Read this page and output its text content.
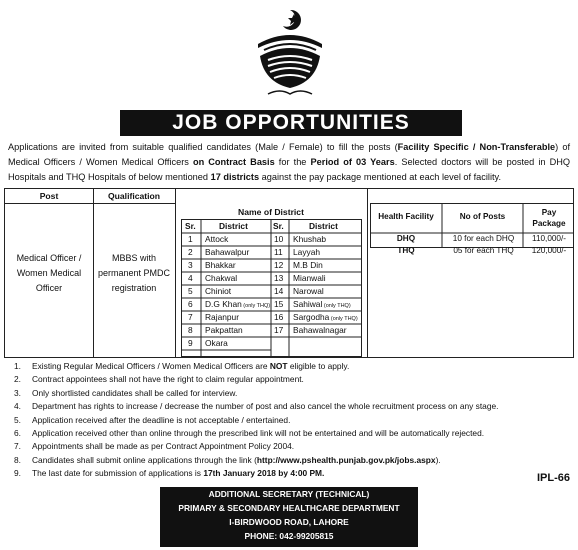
JOB OPPORTUNITIES
Applications are invited from suitable qualified candidates (Male / Female) to fill the posts (Facility Specific / Non-Transferable) of Medical Officers / Women Medical Officers on Contract Basis for the Period of 03 Years. Selected doctors will be posted in DHQ Hospitals and THQ Hospitals of below mentioned 17 districts against the pay package mentioned at each level of facility.
Post	Qualification
Name of District
Medical Officer / Women Medical Officer
MBBS with permanent PMDC registration
Sr.	District	Sr.	District
1 Attock	10 Khushab
2 Bahawalpur	11 Layyah
3 Bhakkar	12 M.B Din
4 Chakwal	13 Mianwali
5 Chiniot	14 Narowal
6 D.G Khan (only THQ) 15 Sahiwal (only THQ)
7 Rajanpur	16 Sargodha (only THQ)
8 Pakpattan	17 Bahawalnagar
9 Okara
Health Facility	No of Posts	Pay Package
DHQ	10 for each DHQ	110,000/-
THQ	05 for each THQ	120,000/-
1.	Existing Regular Medical Officers / Women Medical Officers are NOT eligible to apply.
2.	Contract appointees shall not have the right to claim regular appointment.
3.	Only shortlisted candidates shall be called for interview.
4.	Department has rights to increase / decrease the number of post and also cancel the whole recruitment process on any stage.
5.	Application received after the deadline is not acceptable / entertained.
6.	Application received other than online through the prescribed link will not be entertained and will be automatically rejected.
7.	Appointments shall be made as per Contract Appointment Policy 2004.
8.	Candidates shall submit online applications through the link (http://www.pshealth.punjab.gov.pk/jobs.aspx).
9.	The last date for submission of applications is 17th January 2018 by 4:00 PM.	IPL-66
ADDITIONAL SECRETARY (TECHNICAL)
PRIMARY & SECONDARY HEALTHCARE DEPARTMENT
I-BIRDWOOD ROAD, LAHORE
PHONE: 042-99205815
